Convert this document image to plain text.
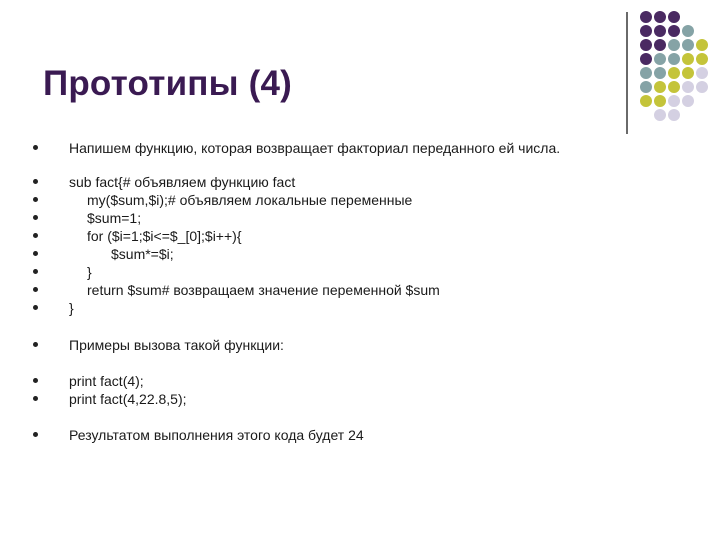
Прототипы (4)

Напишем функцию, которая возвращает факториал переданного ей числа.

sub fact{# объявляем функцию fact

my($sum,$i);# объявляем локальные переменные

$sum=1;

for ($i=1;$i<=$_[0];$i++){

$sum*=$i;

}

return $sum# возвращаем значение переменной $sum

}

Примеры вызова такой функции:

print fact(4);

print fact(4,22.8,5);

Результатом выполнения этого кода будет 24
